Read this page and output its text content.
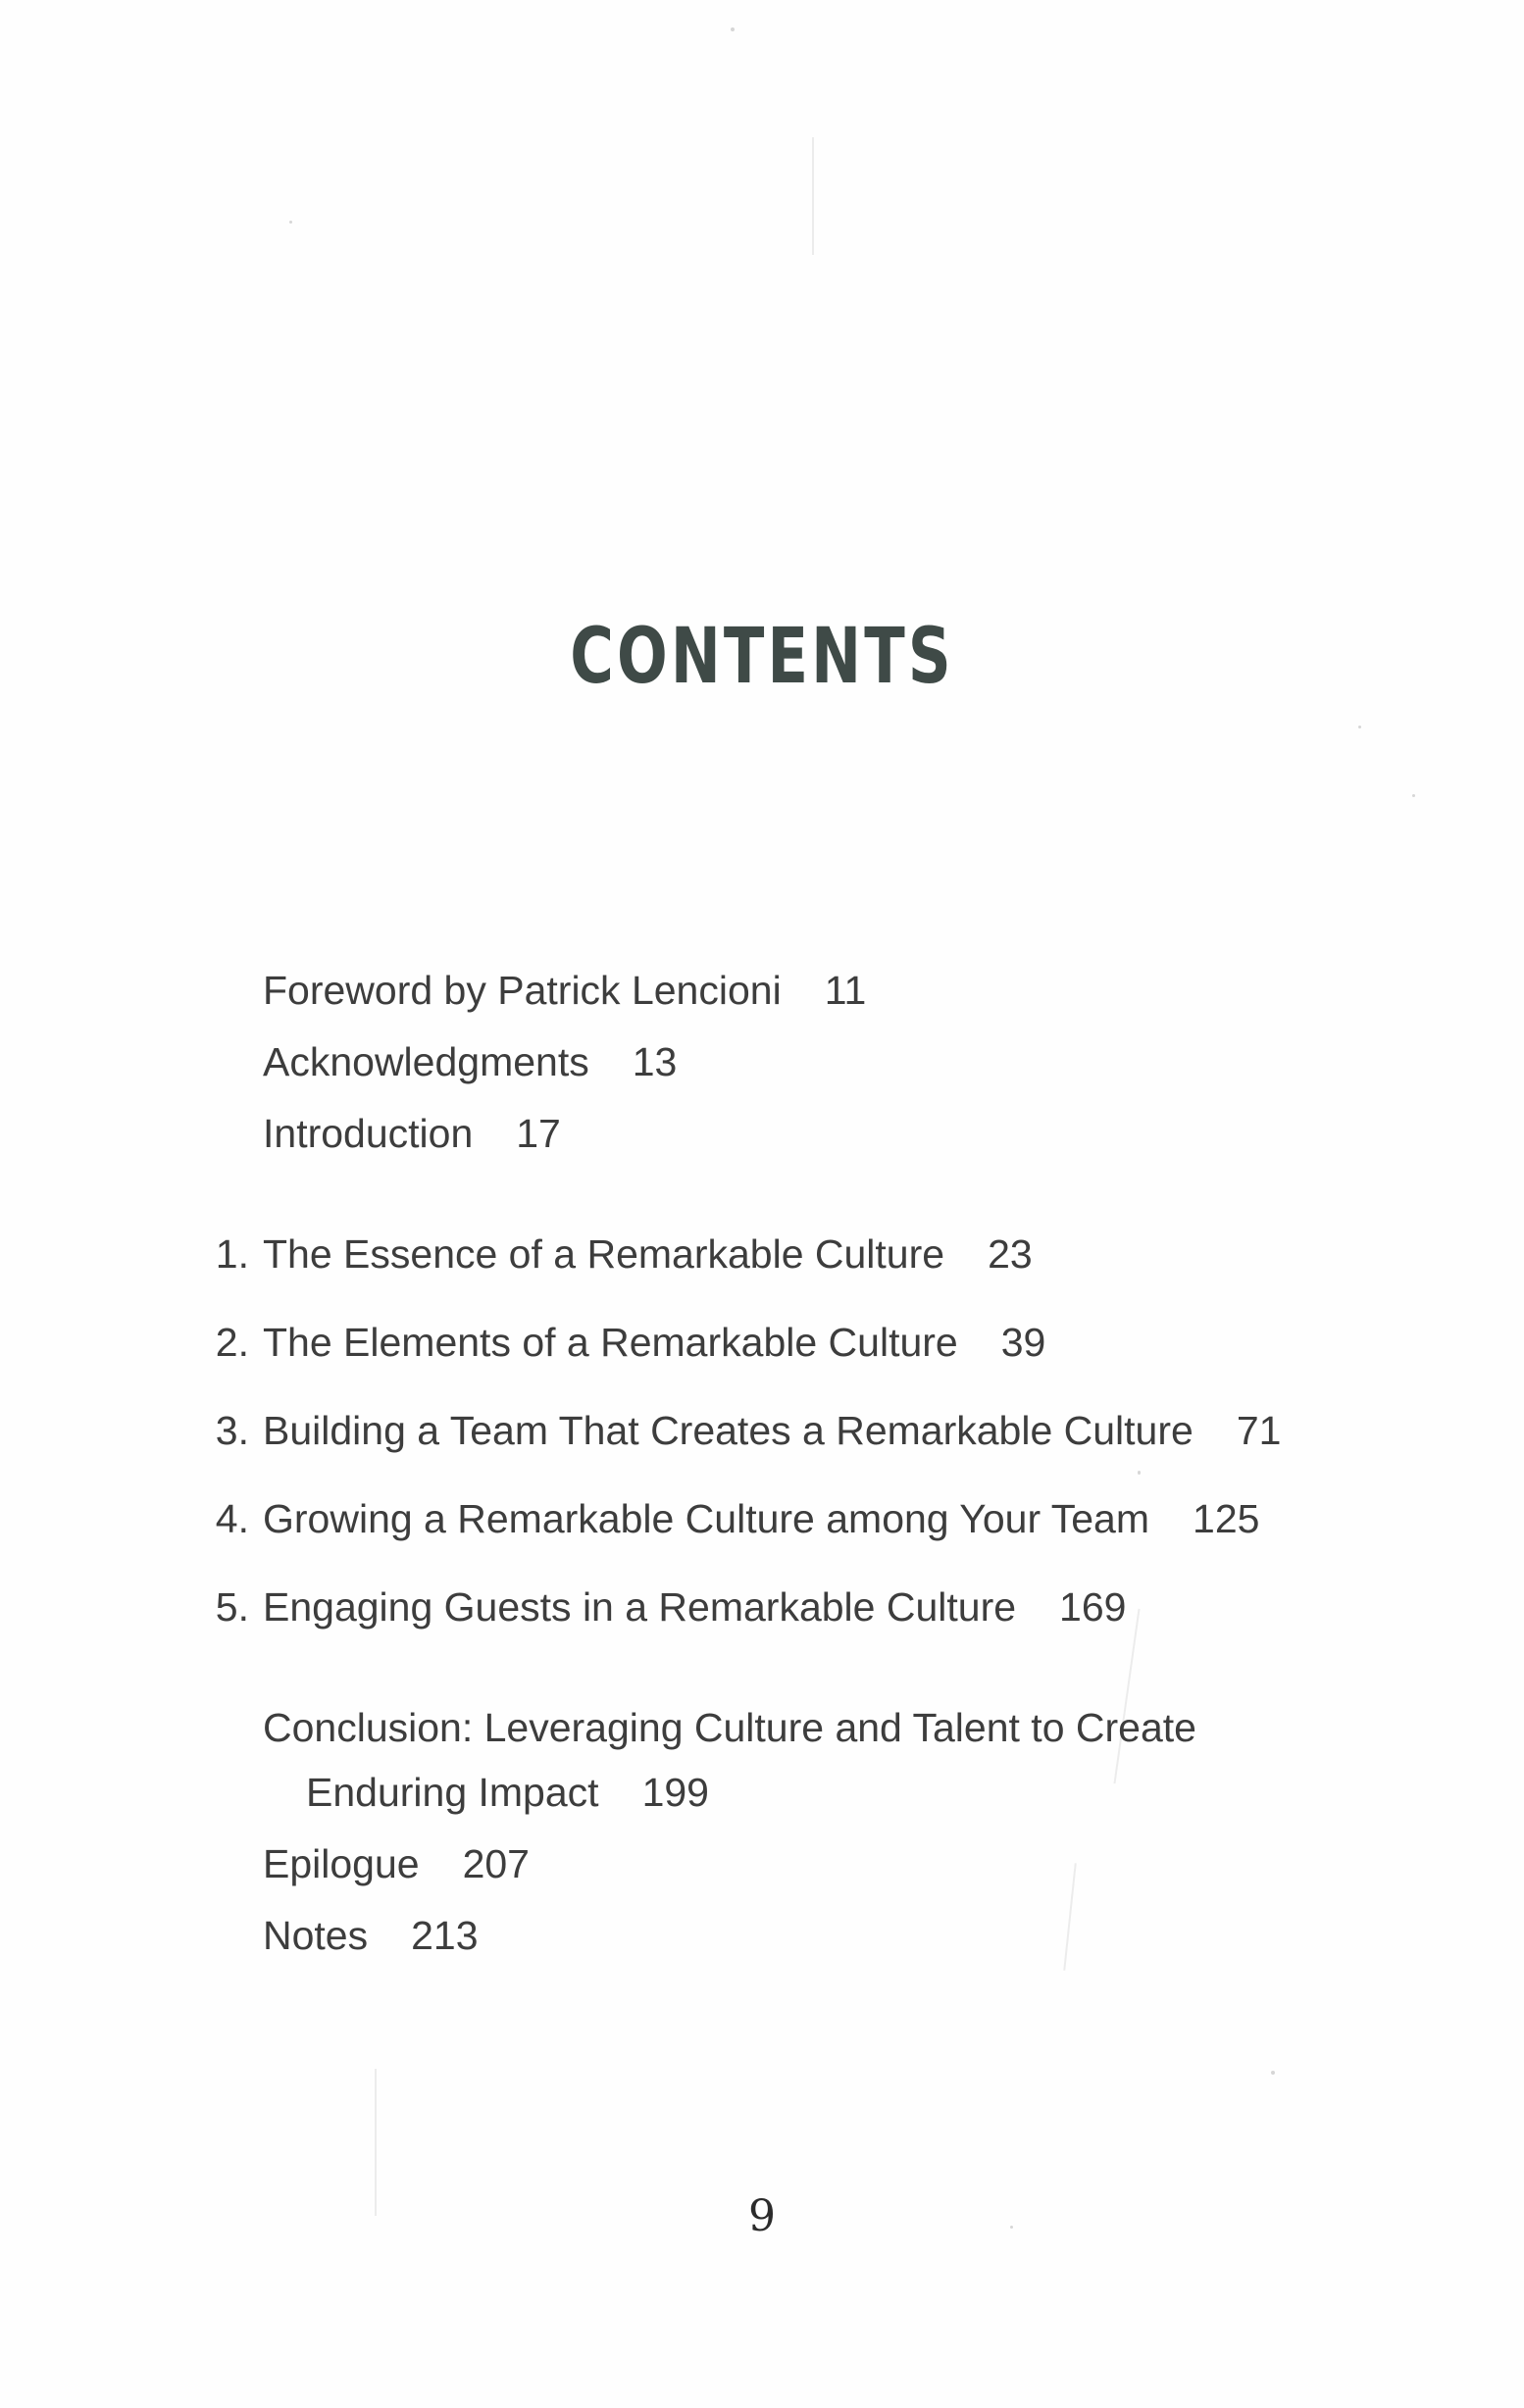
CONTENTS
Foreword by Patrick Lencioni 11
Acknowledgments 13
Introduction 17
1. The Essence of a Remarkable Culture 23
2. The Elements of a Remarkable Culture 39
3. Building a Team That Creates a Remarkable Culture 71
4. Growing a Remarkable Culture among Your Team 125
5. Engaging Guests in a Remarkable Culture 169
Conclusion: Leveraging Culture and Talent to Create
Enduring Impact 199
Epilogue 207
Notes 213
9
